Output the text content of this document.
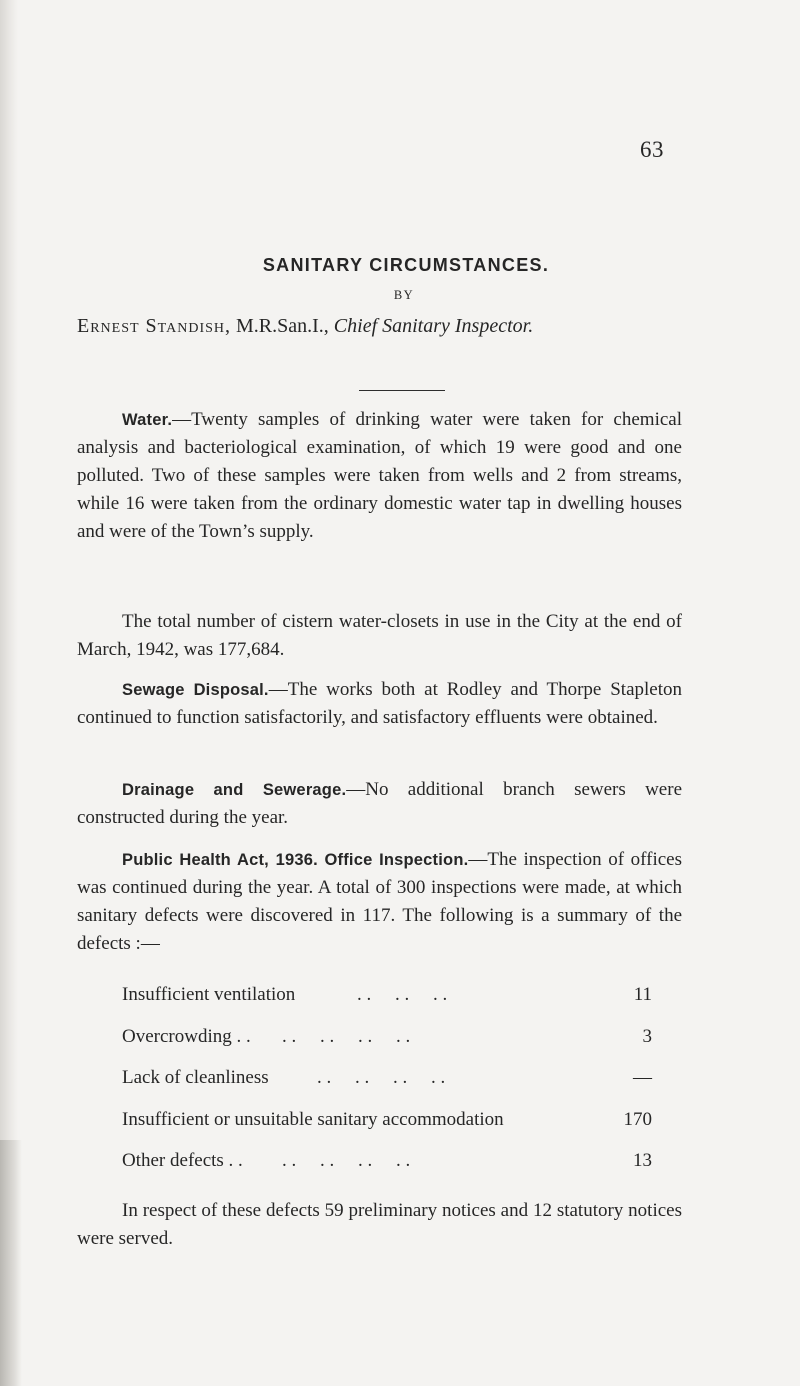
63
SANITARY CIRCUMSTANCES.
BY
Ernest Standish, M.R.San.I., Chief Sanitary Inspector.
Water.—Twenty samples of drinking water were taken for chemical analysis and bacteriological examination, of which 19 were good and one polluted. Two of these samples were taken from wells and 2 from streams, while 16 were taken from the ordinary domestic water tap in dwelling houses and were of the Town’s supply.
The total number of cistern water-closets in use in the City at the end of March, 1942, was 177,684.
Sewage Disposal.—The works both at Rodley and Thorpe Stapleton continued to function satisfactorily, and satisfactory effluents were obtained.
Drainage and Sewerage.—No additional branch sewers were constructed during the year.
Public Health Act, 1936. Office Inspection.—The inspection of offices was continued during the year. A total of 300 inspections were made, at which sanitary defects were discovered in 117. The following is a summary of the defects :—
Insufficient ventilation	. .     . .     . .	11
Overcrowding . . . .     . .     . .     . .	3
Lack of cleanliness	. .     . .     . .     . .	—
Insufficient or unsuitable sanitary accommodation	170
Other defects . . . .     . .     . .     . .	13
In respect of these defects 59 preliminary notices and 12 statutory notices were served.
